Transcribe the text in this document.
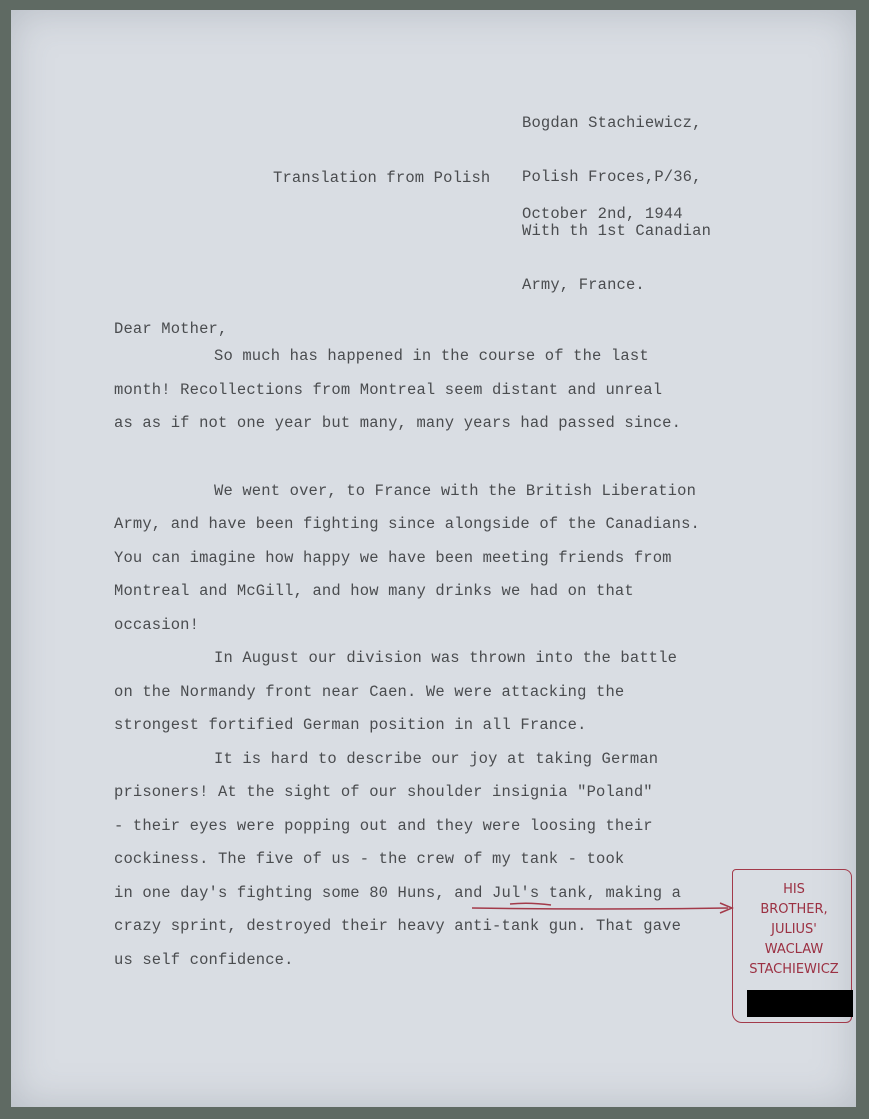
Bogdan Stachiewicz,

Polish Froces,P/36,

With th 1st Canadian

Army, France.

Translation from Polish
October 2nd, 1944
Dear Mother,
So much has happened in the course of the last
month! Recollections from Montreal seem distant and unreal
as as if not one year but many, many years had passed since.
We went over, to France with the British Liberation
Army, and have been fighting since alongside of the Canadians.
You can imagine how happy we have been meeting friends from
Montreal and McGill, and how many drinks we had on that
occasion!
In August our division was thrown into the battle
on the Normandy front near Caen. We were attacking the
strongest fortified German position in all France.
It is hard to describe our joy at taking German
prisoners! At the sight of our shoulder insignia "Poland"
- their eyes were popping out and they were loosing their
cockiness. The five of us - the crew of my tank - took
in one day's fighting some 80 Huns, and Jul's tank, making a
crazy sprint, destroyed their heavy anti-tank gun. That gave
us self confidence.
HIS
BROTHER,
JULIUS'
WACLAW
STACHIEWICZ
